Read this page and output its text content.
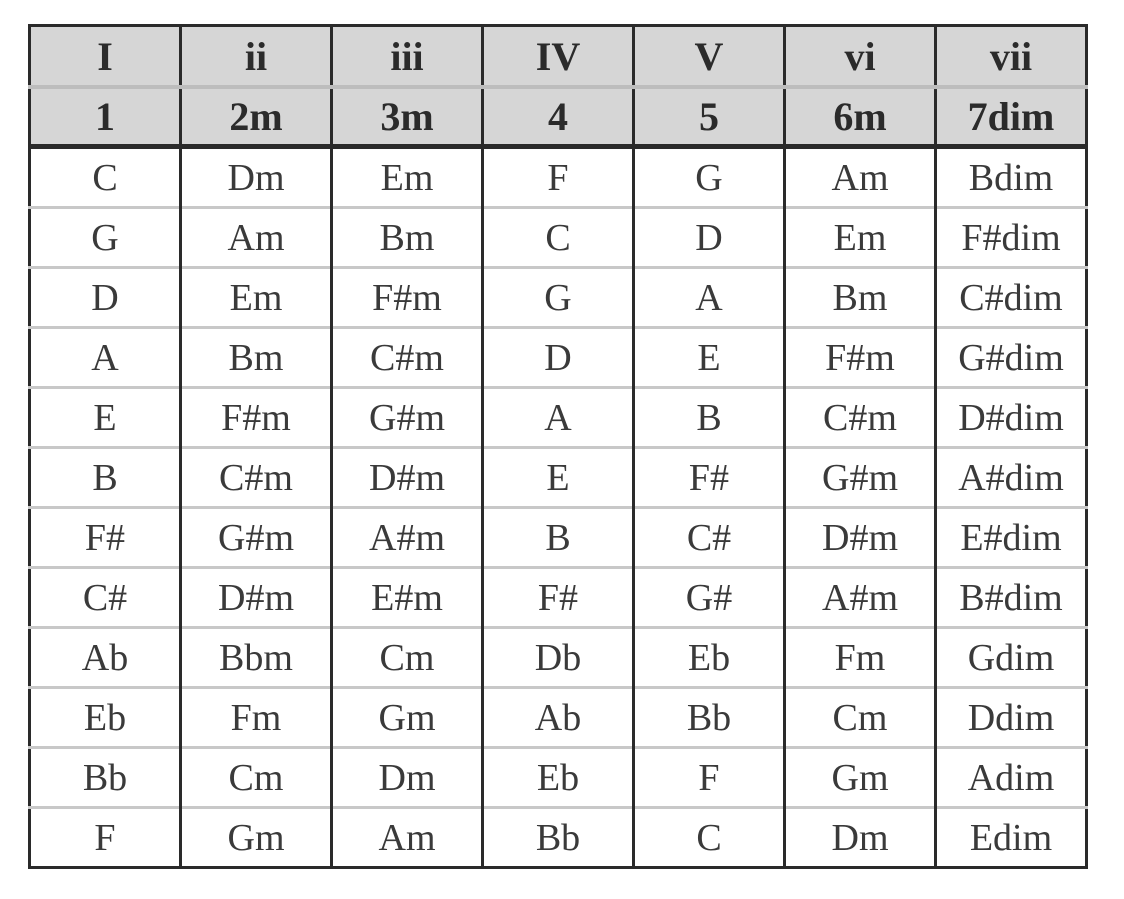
I	ii	iii	IV	V	vi	vii
1	2m	3m	4	5	6m	7dim
C	Dm	Em	F	G	Am	Bdim
G	Am	Bm	C	D	Em	F#dim
D	Em	F#m	G	A	Bm	C#dim
A	Bm	C#m	D	E	F#m	G#dim
E	F#m	G#m	A	B	C#m	D#dim
B	C#m	D#m	E	F#	G#m	A#dim
F#	G#m	A#m	B	C#	D#m	E#dim
C#	D#m	E#m	F#	G#	A#m	B#dim
Ab	Bbm	Cm	Db	Eb	Fm	Gdim
Eb	Fm	Gm	Ab	Bb	Cm	Ddim
Bb	Cm	Dm	Eb	F	Gm	Adim
F	Gm	Am	Bb	C	Dm	Edim
